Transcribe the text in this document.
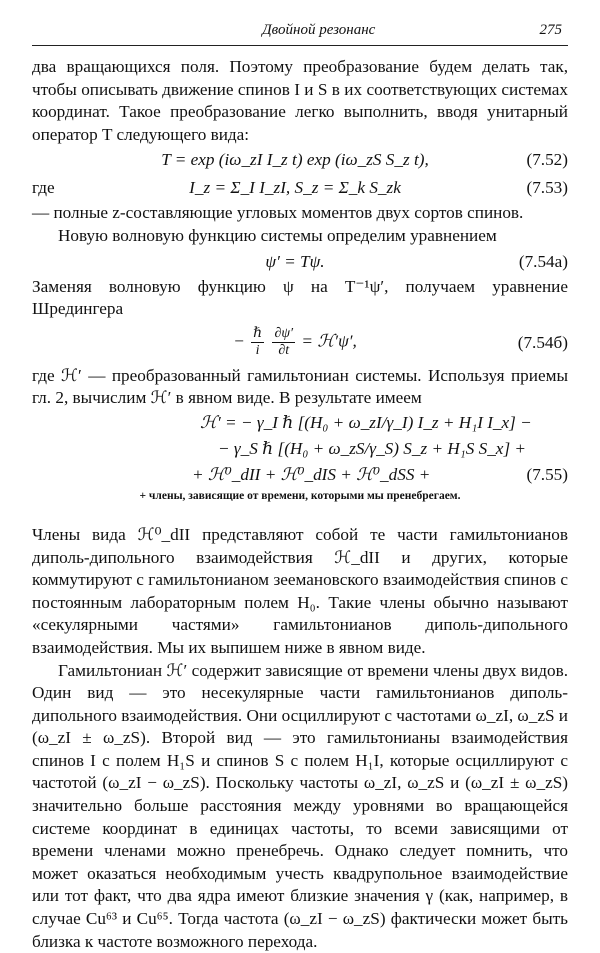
Двойной резонанс	275

два вращающихся поля. Поэтому преобразование будем делать так, чтобы описывать движение спинов I и S в их соответствующих системах координат. Такое преобразование легко выполнить, вводя унитарный оператор T следующего вида:

T = exp (iω_zI I_z t) exp (iω_zS S_z t),	(7.52)
где	I_z = Σ_I I_zI, S_z = Σ_k S_zk	(7.53)

— полные z-составляющие угловых моментов двух сортов спинов.

Новую волновую функцию системы определим уравнением

ψ′ = Tψ.	(7.54а)

Заменяя волновую функцию ψ на T⁻¹ψ′, получаем уравнение Шредингера

− $\frac{\text{ℏ}}{i}$
$\frac{\partial\psi'}{\partial t}$ = ℋ′ψ′,	(7.54б)

где ℋ′ — преобразованный гамильтониан системы. Используя приемы гл. 2, вычислим ℋ′ в явном виде. В результате имеем

ℋ′ = − γ_I ℏ [(H₀ + ω_zI/γ_I) I_z + H₁I I_x] −
− γ_S ℏ [(H₀ + ω_zS/γ_S) S_z + H₁S S_x] +
+ ℋ⁰_dII + ℋ⁰_dIS + ℋ⁰_dSS +	(7.55)
+ члены, зависящие от времени, которыми мы пренебрегаем.

Члены вида ℋ⁰_dII представляют собой те части гамильтонианов диполь-дипольного взаимодействия ℋ_dII и других, которые коммутируют с гамильтонианом зеемановского взаимодействия спинов с постоянным лабораторным полем H₀. Такие члены обычно называют «секулярными частями» гамильтонианов диполь-дипольного взаимодействия. Мы их выпишем ниже в явном виде.

Гамильтониан ℋ′ содержит зависящие от времени члены двух видов. Один вид — это несекулярные части гамильтонианов диполь-дипольного взаимодействия. Они осциллируют с частотами ω_zI, ω_zS и (ω_zI ± ω_zS). Второй вид — это гамильтонианы взаимодействия спинов I с полем H₁S и спинов S с полем H₁I, которые осциллируют с частотой (ω_zI − ω_zS). Поскольку частоты ω_zI, ω_zS и (ω_zI ± ω_zS) значительно больше расстояния между уровнями во вращающейся системе координат в единицах частоты, то всеми зависящими от времени членами можно пренебречь. Однако следует помнить, что может оказаться необходимым учесть квадрупольное взаимодействие или тот факт, что два ядра имеют близкие значения γ (как, например, в случае Cu⁶³ и Cu⁶⁵. Тогда частота (ω_zI − ω_zS) фактически может быть близка к частоте возможного перехода.
